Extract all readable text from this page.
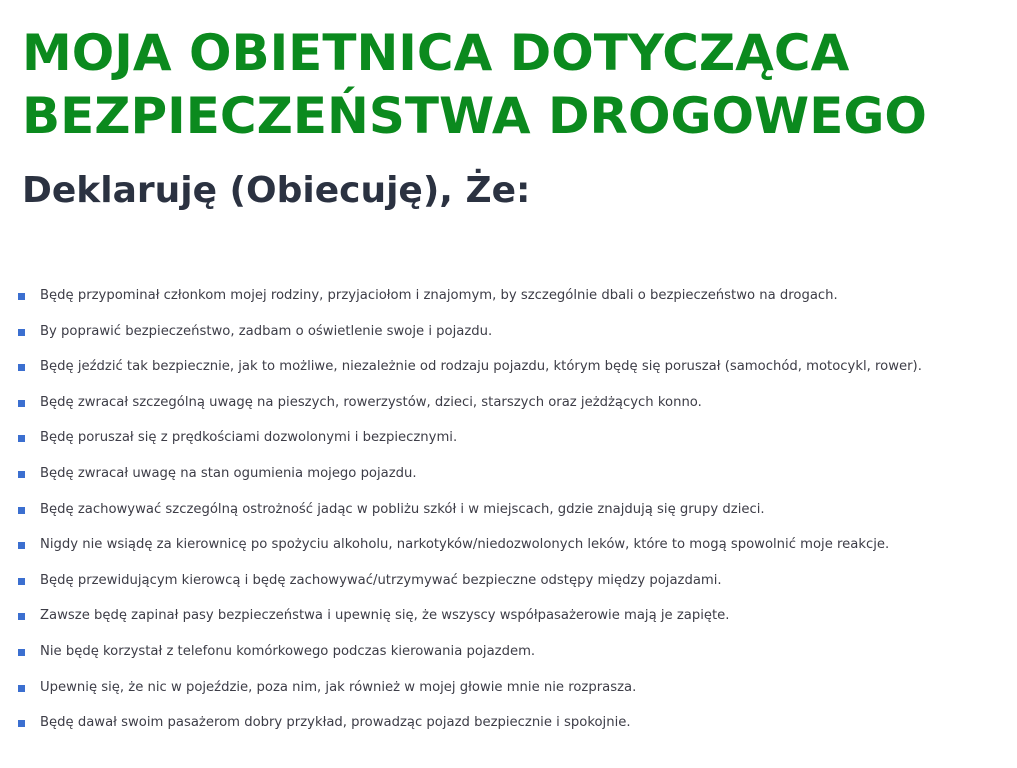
MOJA OBIETNICA DOTYCZĄCA
BEZPIECZEŃSTWA DROGOWEGO
Deklaruję (Obiecuję), Że:
Będę przypominał członkom mojej rodziny, przyjaciołom i znajomym, by szczególnie dbali o bezpieczeństwo na drogach.
By poprawić bezpieczeństwo, zadbam o oświetlenie swoje i pojazdu.
Będę jeździć tak bezpiecznie, jak to możliwe, niezależnie od rodzaju pojazdu, którym będę się poruszał (samochód, motocykl, rower).
Będę zwracał szczególną uwagę na pieszych, rowerzystów, dzieci, starszych oraz jeżdżących konno.
Będę poruszał się z prędkościami dozwolonymi i bezpiecznymi.
Będę zwracał uwagę na stan ogumienia mojego pojazdu.
Będę zachowywać szczególną ostrożność jadąc w pobliżu szkół i w miejscach, gdzie znajdują się grupy dzieci.
Nigdy nie wsiądę za kierownicę po spożyciu alkoholu, narkotyków/niedozwolonych leków, które to mogą spowolnić moje reakcje.
Będę przewidującym kierowcą i będę zachowywać/utrzymywać bezpieczne odstępy między pojazdami.
Zawsze będę zapinał pasy bezpieczeństwa i upewnię się, że wszyscy współpasażerowie mają je zapięte.
Nie będę korzystał z telefonu komórkowego podczas kierowania pojazdem.
Upewnię się, że nic w pojeździe, poza nim, jak również w mojej głowie mnie nie rozprasza.
Będę dawał swoim pasażerom dobry przykład, prowadząc pojazd bezpiecznie i spokojnie.
